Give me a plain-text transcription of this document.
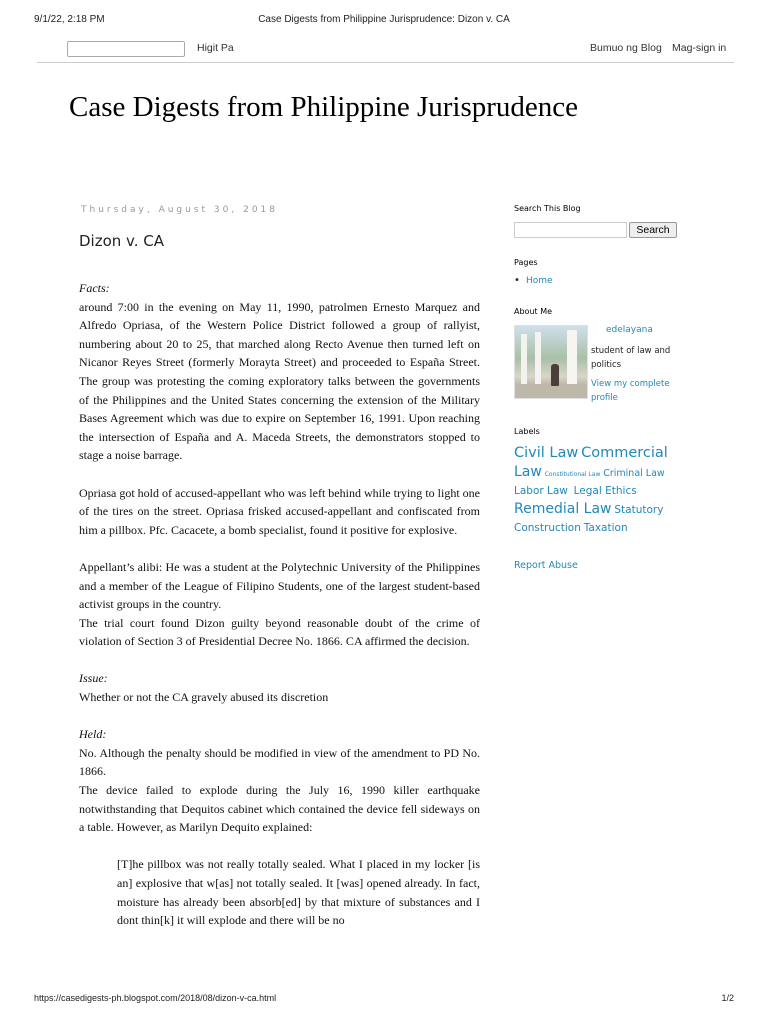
9/1/22, 2:18 PM	Case Digests from Philippine Jurisprudence: Dizon v. CA
Higit Pa	Bumuo ng Blog Mag-sign in
Case Digests from Philippine Jurisprudence
Thursday, August 30, 2018
Dizon v. CA

Facts:
around 7:00 in the evening on May 11, 1990, patrolmen Ernesto Marquez and Alfredo Opriasa, of the Western Police District followed a group of rallyist, numbering about 20 to 25, that marched along Recto Avenue then turned left on Nicanor Reyes Street (formerly Morayta Street) and proceeded to España Street. The group was protesting the coming exploratory talks between the governments of the Philippines and the United States concerning the extension of the Military Bases Agreement which was due to expire on September 16, 1991. Upon reaching the intersection of España and A. Maceda Streets, the demonstrators stopped to stage a noise barrage.

Opriasa got hold of accused-appellant who was left behind while trying to light one of the tires on the street. Opriasa frisked accused-appellant and confiscated from him a pillbox. Pfc. Cacacete, a bomb specialist, found it positive for explosive.

Appellant’s alibi: He was a student at the Polytechnic University of the Philippines and a member of the League of Filipino Students, one of the largest student-based activist groups in the country.
The trial court found Dizon guilty beyond reasonable doubt of the crime of violation of Section 3 of Presidential Decree No. 1866. CA affirmed the decision.

Issue:
Whether or not the CA gravely abused its discretion

Held:
No. Although the penalty should be modified in view of the amendment to PD No. 1866.
The device failed to explode during the July 16, 1990 killer earthquake notwithstanding that Dequitos cabinet which contained the device fell sideways on a table. However, as Marilyn Dequito explained:

[T]he pillbox was not really totally sealed. What I placed in my locker [is an] explosive that w[as] not totally sealed. It [was] opened already. In fact, moisture has already been absorb[ed] by that mixture of substances and I dont thin[k] it will explode and there will be no
Search This Blog
Search
Pages
• Home
About Me
edelayana
student of law and politics
View my complete profile
Labels
Civil Law Commercial
Law Constitutional Law Criminal Law
Labor Law Legal Ethics
Remedial Law Statutory
Construction Taxation
Report Abuse
https://casedigests-ph.blogspot.com/2018/08/dizon-v-ca.html	1/2
